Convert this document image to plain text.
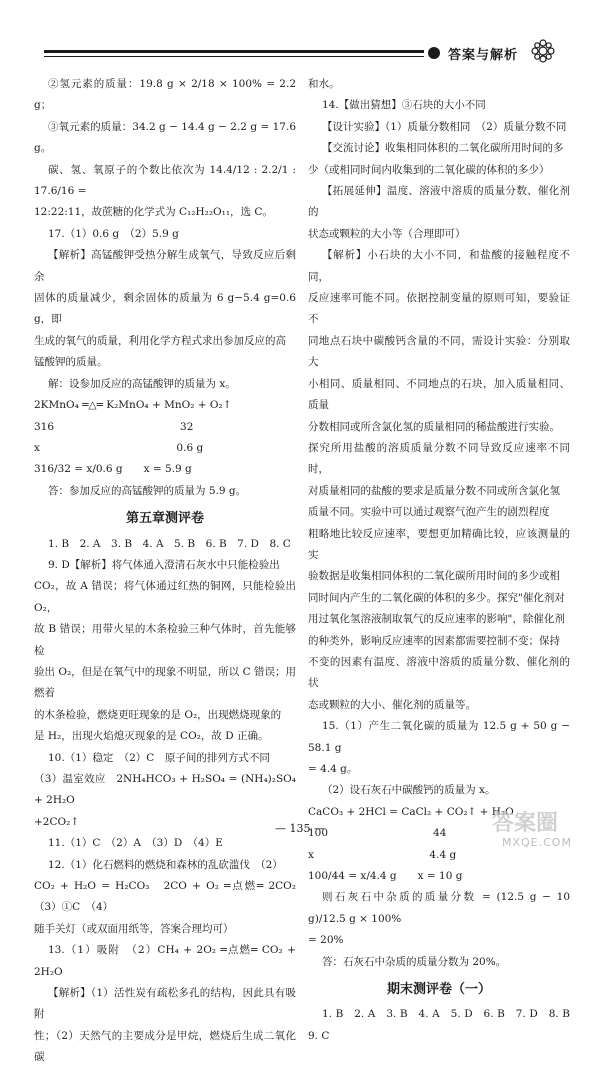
答案与解析

②氢元素的质量：19.8 g × 2/18 × 100% = 2.2 g；

③氧元素的质量：34.2 g − 14.4 g − 2.2 g = 17.6 g。

碳、氢、氧原子的个数比依次为 14.4/12 : 2.2/1 : 17.6/16 =

12:22:11，故蔗糖的化学式为 C₁₂H₂₂O₁₁，选 C。

17.（1）0.6 g　（2）5.9 g

【解析】高锰酸钾受热分解生成氧气，导致反应后剩余

固体的质量减少，剩余固体的质量为 6 g−5.4 g=0.6 g，即

生成的氧气的质量，利用化学方程式求出参加反应的高

锰酸钾的质量。

解：设参加反应的高锰酸钾的质量为 x。

2KMnO₄ ═△═ K₂MnO₄ + MnO₂ + O₂↑

316　　　　　　　　　　　　32

x　　　　　　　　　　　　　0.6 g

316/32 = x/0.6 g　　x = 5.9 g

答：参加反应的高锰酸钾的质量为 5.9 g。

第五章测评卷

1. B　2. A　3. B　4. A　5. B　6. B　7. D　8. C

9. D【解析】将气体通入澄清石灰水中只能检验出

CO₂，故 A 错误；将气体通过红热的铜网，只能检验出 O₂，

故 B 错误；用带火星的木条检验三种气体时，首先能够检

验出 O₂，但是在氧气中的现象不明显，所以 C 错误；用燃着

的木条检验，燃烧更旺现象的是 O₂，出现燃烧现象的

是 H₂，出现火焰熄灭现象的是 CO₂，故 D 正确。

10.（1）稳定　（2）C　原子间的排列方式不同

（3）温室效应　2NH₄HCO₃ + H₂SO₄ = (NH₄)₂SO₄ + 2H₂O

+2CO₂↑

11.（1）C　（2）A　（3）D　（4）E

12.（1）化石燃料的燃烧和森林的乱砍滥伐　（2）

CO₂ + H₂O = H₂CO₃　2CO + O₂ ═点燃═ 2CO₂　（3）①C　（4）

随手关灯（或双面用纸等，答案合理均可）

13.（1）吸附　（2）CH₄ + 2O₂ ═点燃═ CO₂ + 2H₂O

【解析】（1）活性炭有疏松多孔的结构，因此具有吸附

性；（2）天然气的主要成分是甲烷，燃烧后生成二氧化碳

和水。

14.【做出猜想】③石块的大小不同

【设计实验】（1）质量分数相同　（2）质量分数不同

【交流讨论】收集相同体积的二氧化碳所用时间的多

少（或相同时间内收集到的二氧化碳的体积的多少）

【拓展延伸】温度、溶液中溶质的质量分数、催化剂的

状态或颗粒的大小等（合理即可）

【解析】小石块的大小不同，和盐酸的接触程度不同，

反应速率可能不同。依据控制变量的原则可知，要验证不

同地点石块中碳酸钙含量的不同，需设计实验：分别取大

小相同、质量相同、不同地点的石块，加入质量相同、质量

分数相同或所含氯化氢的质量相同的稀盐酸进行实验。

探究所用盐酸的溶质质量分数不同导致反应速率不同时，

对质量相同的盐酸的要求是质量分数不同或所含氯化氢

质量不同。实验中可以通过观察气泡产生的剧烈程度

粗略地比较反应速率，要想更加精确比较，应该测量的实

验数据是收集相同体积的二氧化碳所用时间的多少或相

同时间内产生的二氧化碳的体积的多少。探究"催化剂对

用过氧化氢溶液制取氧气的反应速率的影响"，除催化剂

的种类外，影响反应速率的因素都需要控制不变；保持

不变的因素有温度、溶液中溶质的质量分数、催化剂的状

态或颗粒的大小、催化剂的质量等。

15.（1）产生二氧化碳的质量为 12.5 g + 50 g − 58.1 g

= 4.4 g。

（2）设石灰石中碳酸钙的质量为 x。

CaCO₃ + 2HCl = CaCl₂ + CO₂↑ + H₂O

100　　　　　　　　　　44

x　　　　　　　　　　　4.4 g

100/44 = x/4.4 g　　x = 10 g

则石灰石中杂质的质量分数 = (12.5 g − 10 g)/12.5 g × 100%

= 20%

答：石灰石中杂质的质量分数为 20%。

期末测评卷（一）

1. B　2. A　3. B　4. A　5. D　6. B　7. D　8. B　9. C

— 135 —	答案圈
MXQE.COM
